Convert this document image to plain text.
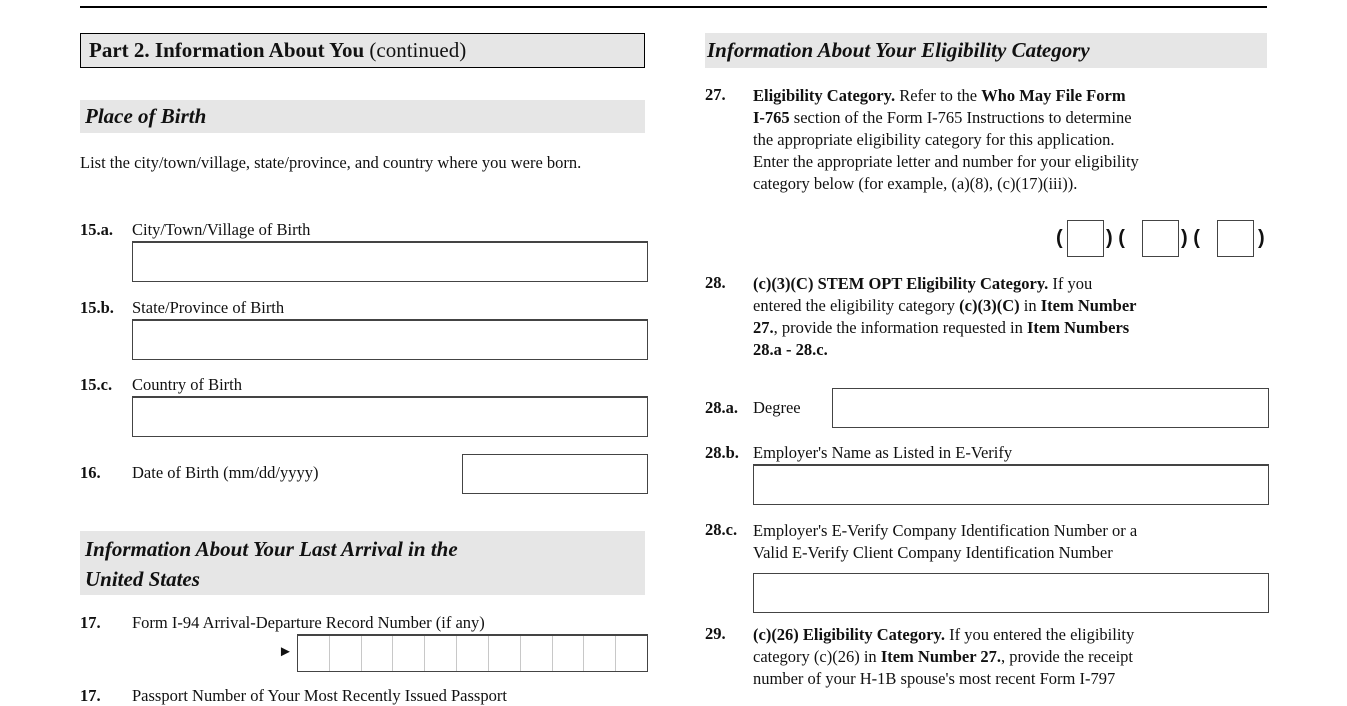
Part 2. Information About You (continued)
Place of Birth
List the city/town/village, state/province, and country where you were born.
15.a. City/Town/Village of Birth
15.b. State/Province of Birth
15.c. Country of Birth
16. Date of Birth (mm/dd/yyyy)
Information About Your Last Arrival in the
United States
17. Form I-94 Arrival-Departure Record Number (if any)
►
17. Passport Number of Your Most Recently Issued Passport
Information About Your Eligibility Category
27. Eligibility Category. Refer to the Who May File Form
I-765 section of the Form I-765 Instructions to determine
the appropriate eligibility category for this application.
Enter the appropriate letter and number for your eligibility
category below (for example, (a)(8), (c)(17)(iii)).
( ) (	) (	)
28. (c)(3)(C) STEM OPT Eligibility Category. If you
entered the eligibility category (c)(3)(C) in Item Number
27., provide the information requested in Item Numbers
28.a - 28.c.
28.a. Degree
28.b. Employer's Name as Listed in E-Verify
28.c. Employer's E-Verify Company Identification Number or a
Valid E-Verify Client Company Identification Number
29. (c)(26) Eligibility Category. If you entered the eligibility
category (c)(26) in Item Number 27., provide the receipt
number of your H-1B spouse's most recent Form I-797
